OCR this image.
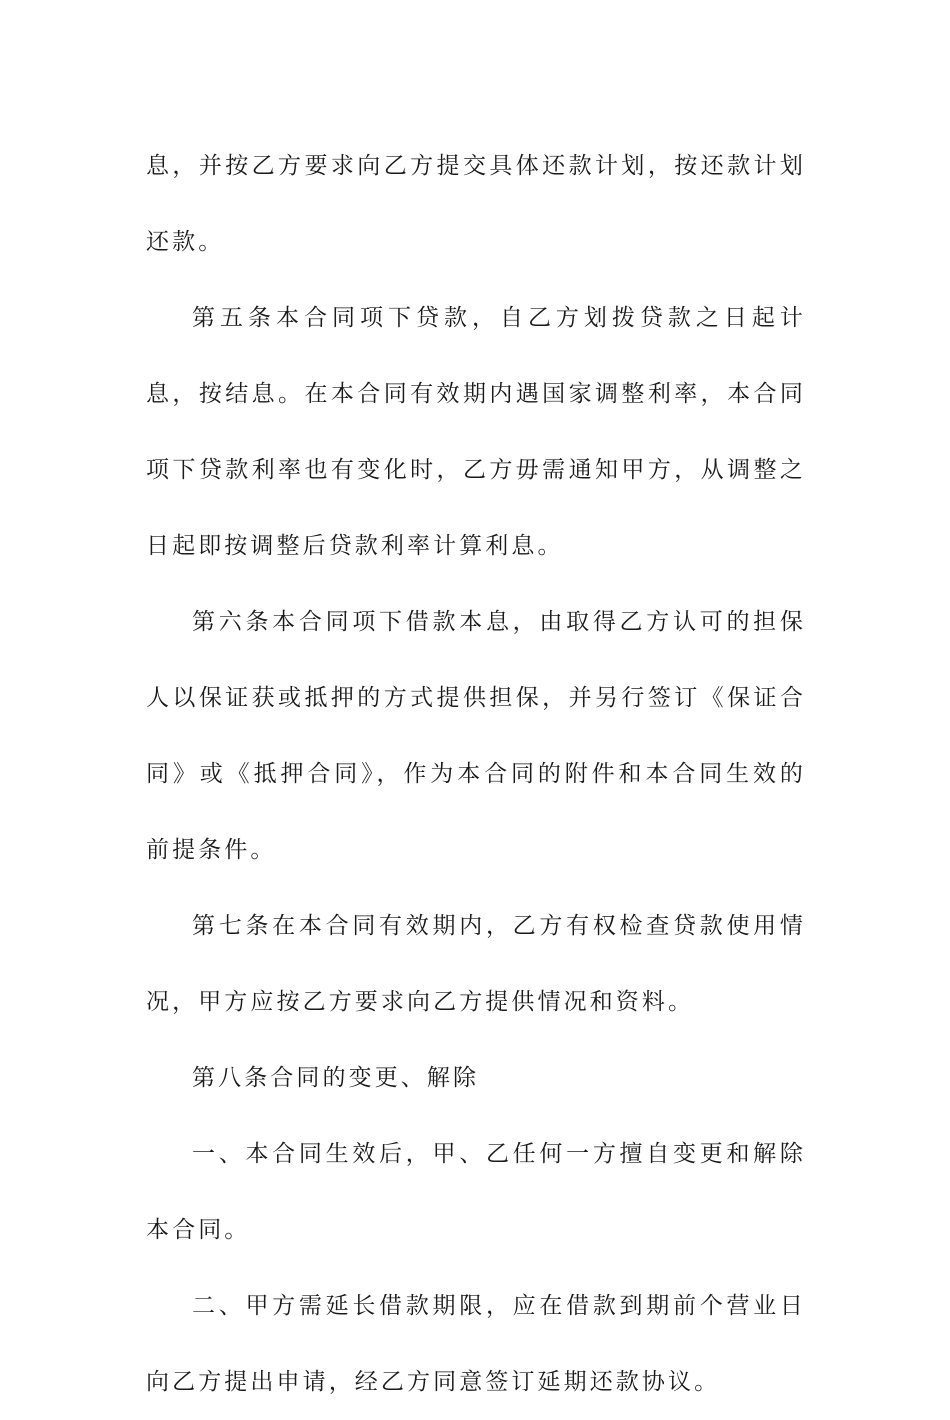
息，并按乙方要求向乙方提交具体还款计划，按还款计划还款。

第五条本合同项下贷款，自乙方划拨贷款之日起计息，按结息。在本合同有效期内遇国家调整利率，本合同项下贷款利率也有变化时，乙方毋需通知甲方，从调整之日起即按调整后贷款利率计算利息。

第六条本合同项下借款本息，由取得乙方认可的担保人以保证获或抵押的方式提供担保，并另行签订《保证合同》或《抵押合同》，作为本合同的附件和本合同生效的前提条件。

第七条在本合同有效期内，乙方有权检查贷款使用情况，甲方应按乙方要求向乙方提供情况和资料。

第八条合同的变更、解除

一、本合同生效后，甲、乙任何一方擅自变更和解除本合同。

二、甲方需延长借款期限，应在借款到期前个营业日向乙方提出申请，经乙方同意签订延期还款协议。
